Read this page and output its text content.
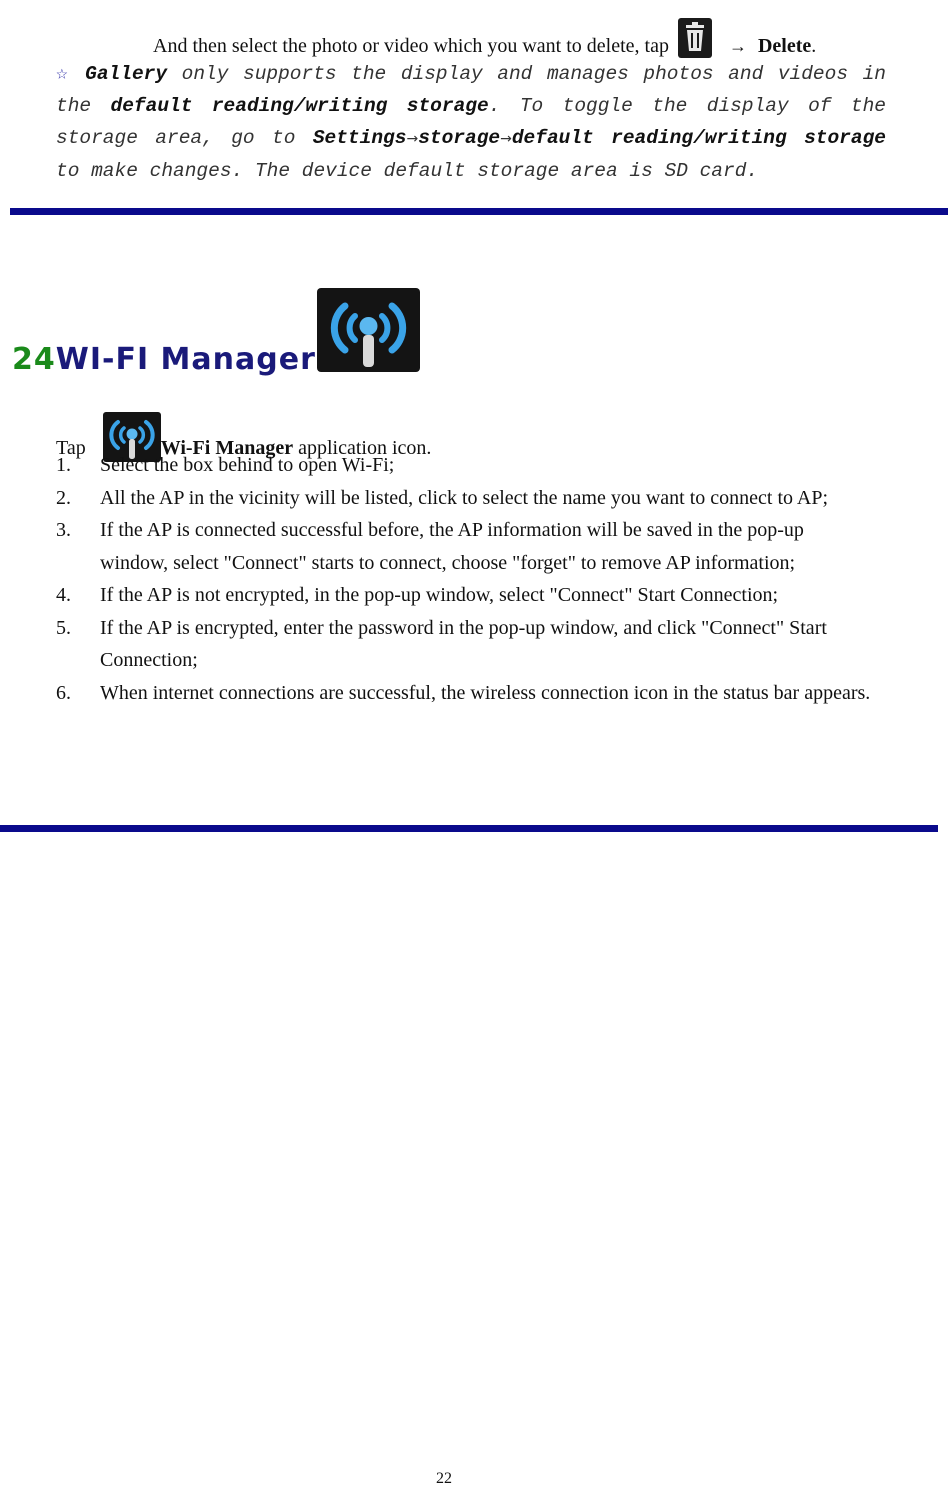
And then select the photo or video which you want to delete, tap	→ Delete.
☆ Gallery only supports the display and manages photos and videos in the default reading/writing storage. To toggle the display of the storage area, go to Settings→storage→default reading/writing storage to make changes. The device default storage area is SD card.
24WI-FI Manager
Tap	Wi-Fi Manager application icon.
1. Select the box behind to open Wi-Fi;
2. All the AP in the vicinity will be listed, click to select the name you want to connect to AP;
3. If the AP is connected successful before, the AP information will be saved in the pop-up window, select "Connect" starts to connect, choose "forget" to remove AP information;
4. If the AP is not encrypted, in the pop-up window, select "Connect" Start Connection;
5. If the AP is encrypted, enter the password in the pop-up window, and click "Connect" Start Connection;
6. When internet connections are successful, the wireless connection icon in the status bar appears.
22
